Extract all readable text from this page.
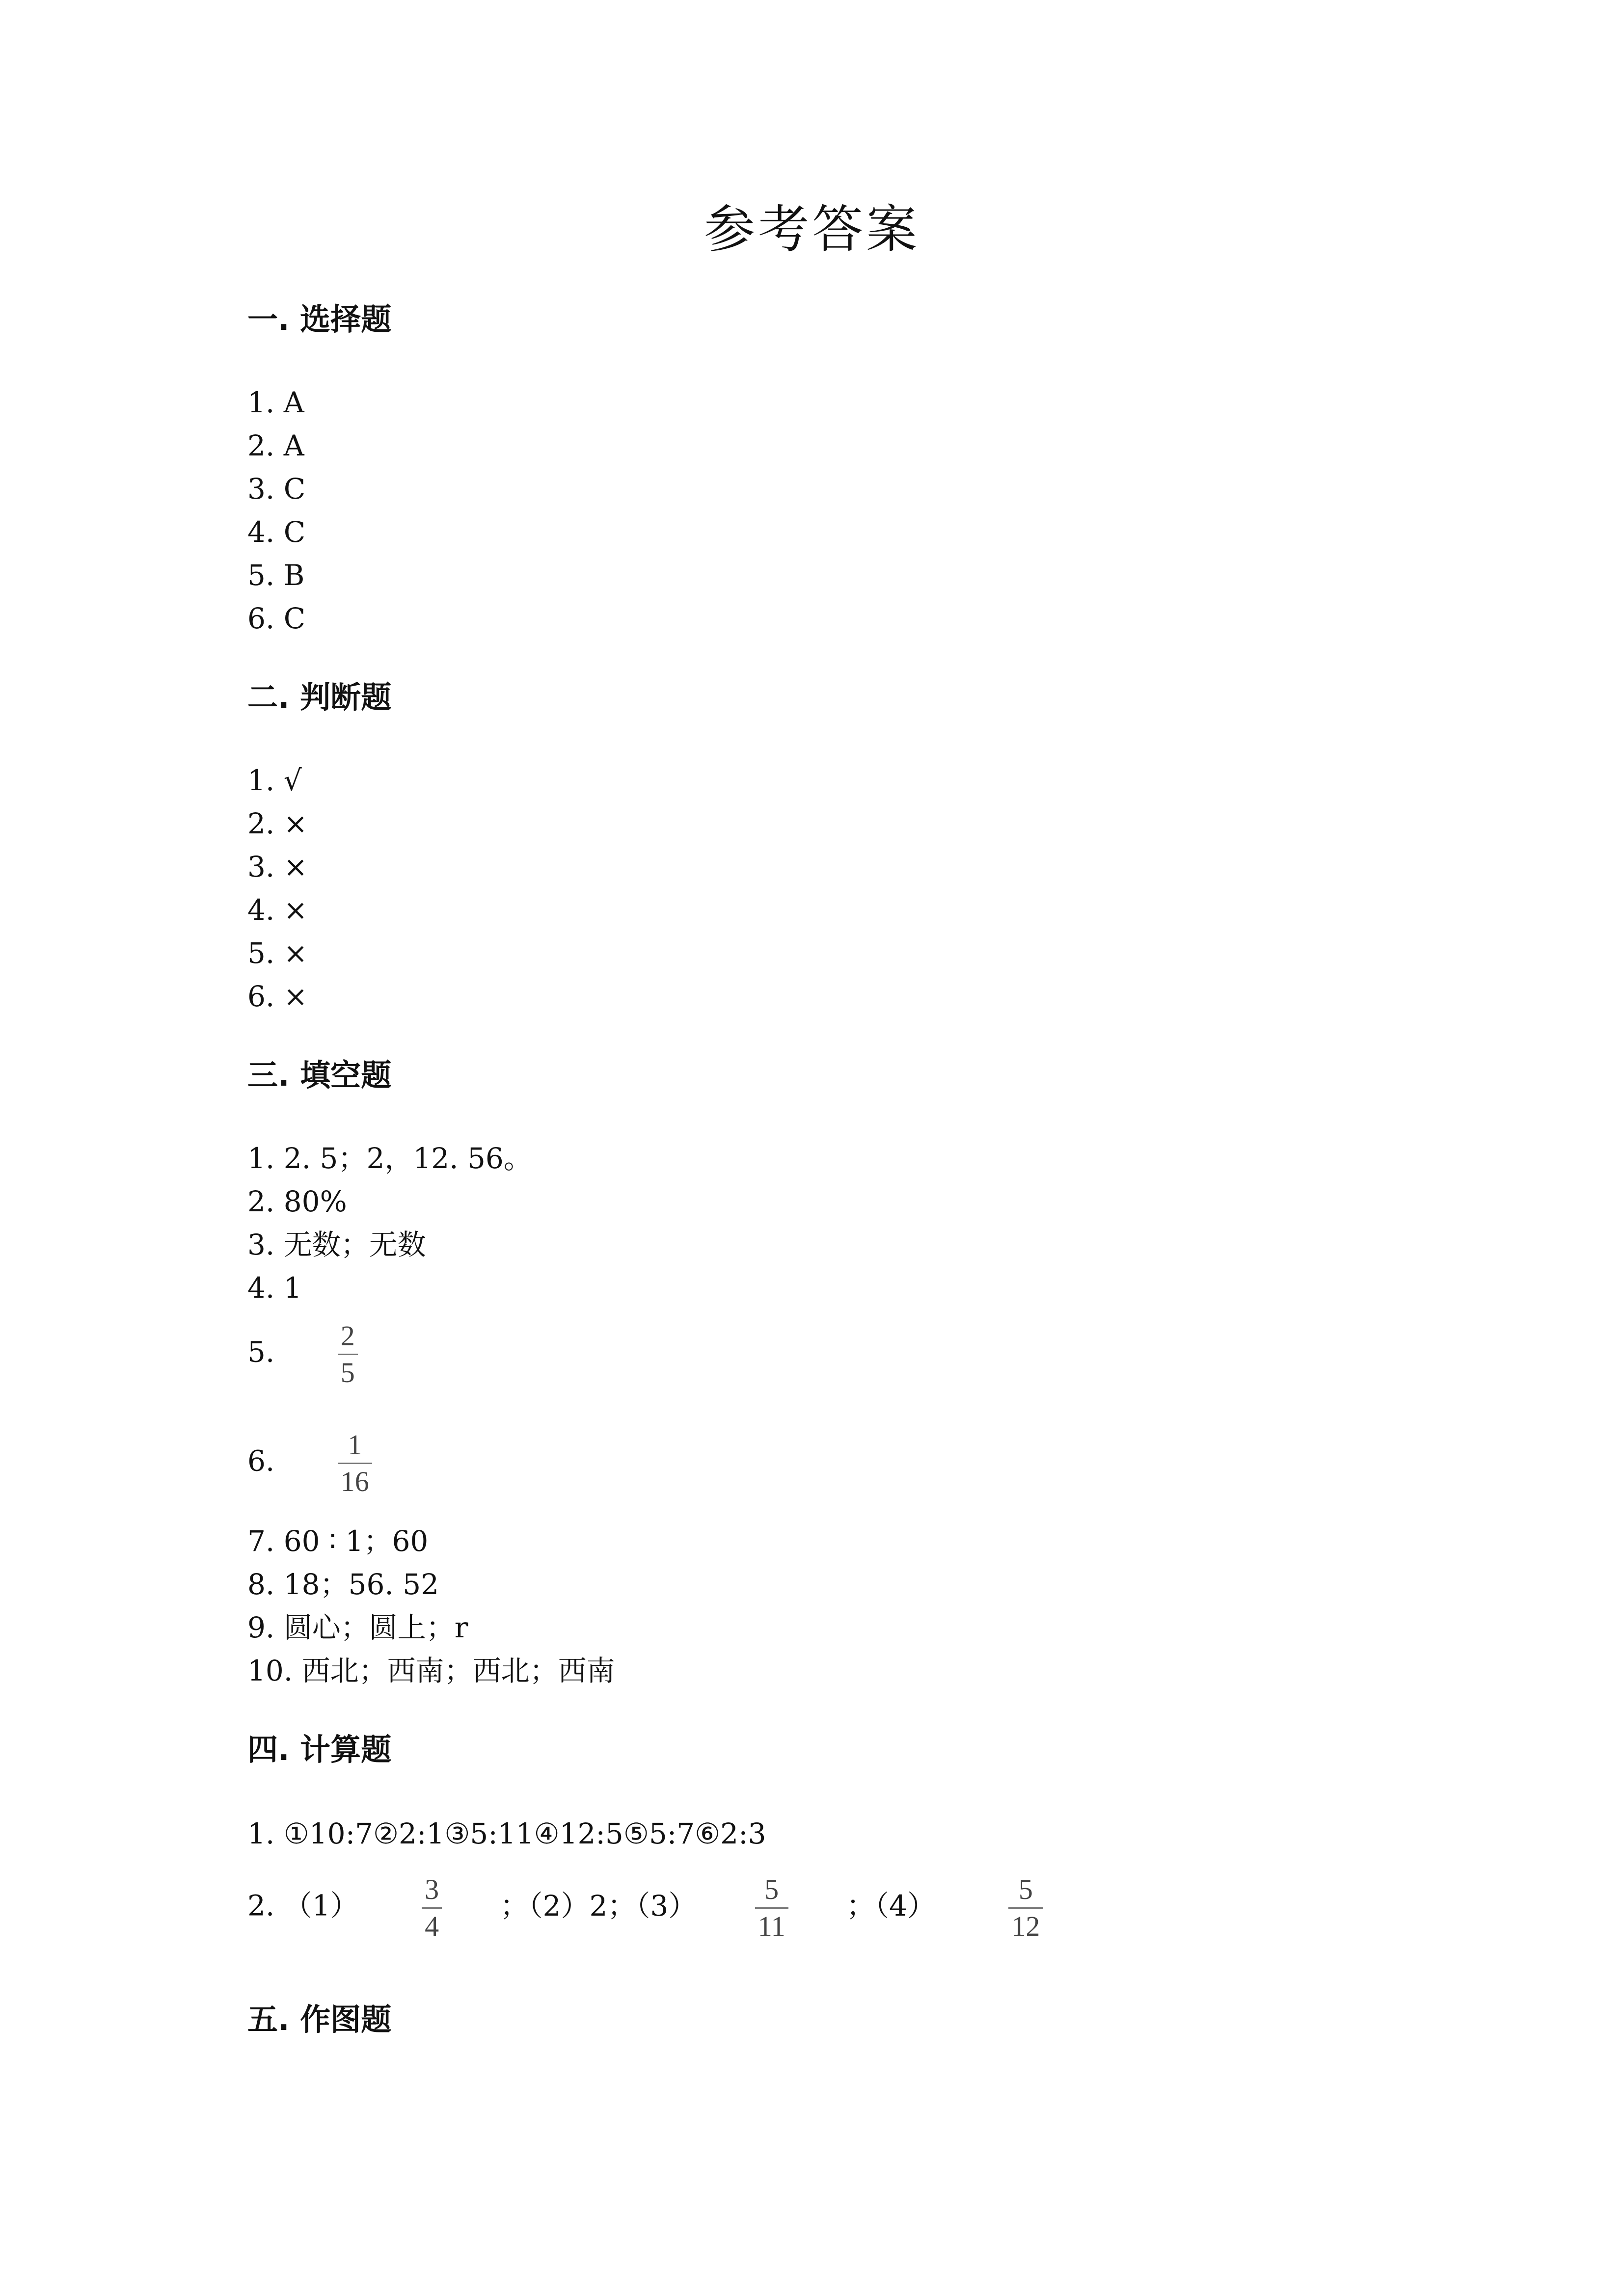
参考答案
一. 选择题
1. A
2. A
3. C
4. C
5. B
6. C
二. 判断题
1. √
2. ×
3. ×
4. ×
5. ×
6. ×
三. 填空题
1. 2. 5；2，12. 56。
2. 80%
3. 无数；无数
4. 1
5. $\frac{2}{5}$
6. $\frac{1}{16}$
7. 60 ∶ 1；60
8. 18；56. 52
9. 圆心；圆上；r
10. 西北；西南；西北；西南
四. 计算题
1. ①10:7②2:1③5:11④12:5⑤5:7⑥2:3
2. $(1) \frac{3}{4}$ ；（2）2；$(3) \frac{5}{11}$ ；（4）	$\frac{5}{12}$
五. 作图题
